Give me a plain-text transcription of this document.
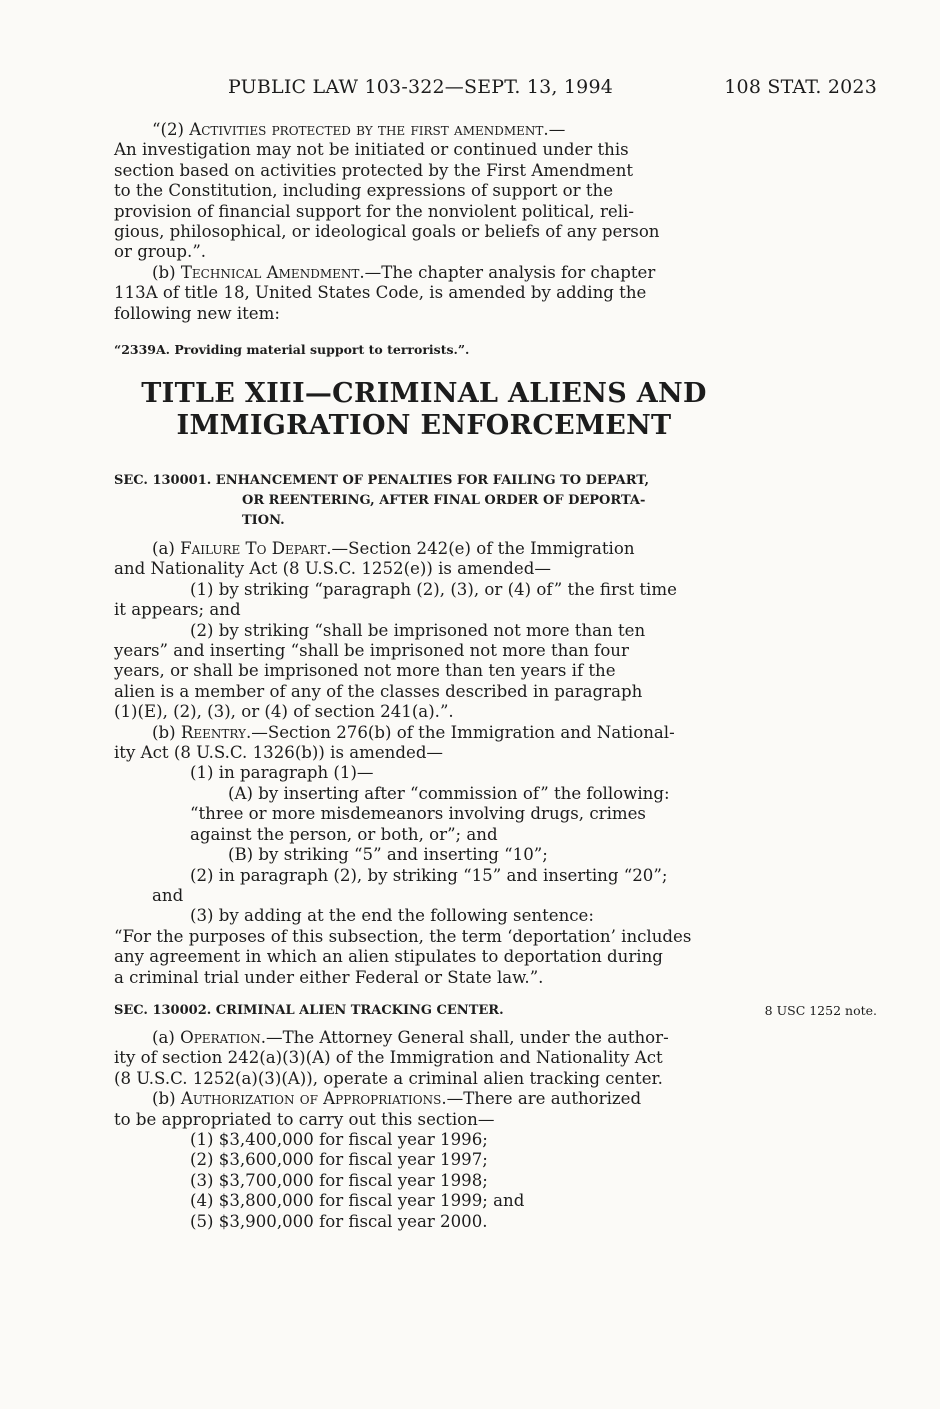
PUBLIC LAW 103-322—SEPT. 13, 1994	108 STAT. 2023
“(2) Activities protected by the first amendment.—
An investigation may not be initiated or continued under this
section based on activities protected by the First Amendment
to the Constitution, including expressions of support or the
provision of financial support for the nonviolent political, reli-
gious, philosophical, or ideological goals or beliefs of any person
or group.”.
(b) Technical Amendment.—The chapter analysis for chapter
113A of title 18, United States Code, is amended by adding the
following new item:
“2339A. Providing material support to terrorists.”.
TITLE XIII—CRIMINAL ALIENS AND
IMMIGRATION ENFORCEMENT
SEC. 130001. ENHANCEMENT OF PENALTIES FOR FAILING TO DEPART,
OR REENTERING, AFTER FINAL ORDER OF DEPORTA-
TION.
(a) Failure To Depart.—Section 242(e) of the Immigration
and Nationality Act (8 U.S.C. 1252(e)) is amended—
(1) by striking “paragraph (2), (3), or (4) of” the first time
it appears; and
(2) by striking “shall be imprisoned not more than ten
years” and inserting “shall be imprisoned not more than four
years, or shall be imprisoned not more than ten years if the
alien is a member of any of the classes described in paragraph
(1)(E), (2), (3), or (4) of section 241(a).”.
(b) Reentry.—Section 276(b) of the Immigration and National-
ity Act (8 U.S.C. 1326(b)) is amended—
(1) in paragraph (1)—
(A) by inserting after “commission of” the following:
“three or more misdemeanors involving drugs, crimes
against the person, or both, or”; and
(B) by striking “5” and inserting “10”;
(2) in paragraph (2), by striking “15” and inserting “20”;
and
(3) by adding at the end the following sentence:
“For the purposes of this subsection, the term ‘deportation’ includes
any agreement in which an alien stipulates to deportation during
a criminal trial under either Federal or State law.”.
SEC. 130002. CRIMINAL ALIEN TRACKING CENTER.	8 USC 1252 note.
(a) Operation.—The Attorney General shall, under the author-
ity of section 242(a)(3)(A) of the Immigration and Nationality Act
(8 U.S.C. 1252(a)(3)(A)), operate a criminal alien tracking center.
(b) Authorization of Appropriations.—There are authorized
to be appropriated to carry out this section—
(1) $3,400,000 for fiscal year 1996;
(2) $3,600,000 for fiscal year 1997;
(3) $3,700,000 for fiscal year 1998;
(4) $3,800,000 for fiscal year 1999; and
(5) $3,900,000 for fiscal year 2000.
